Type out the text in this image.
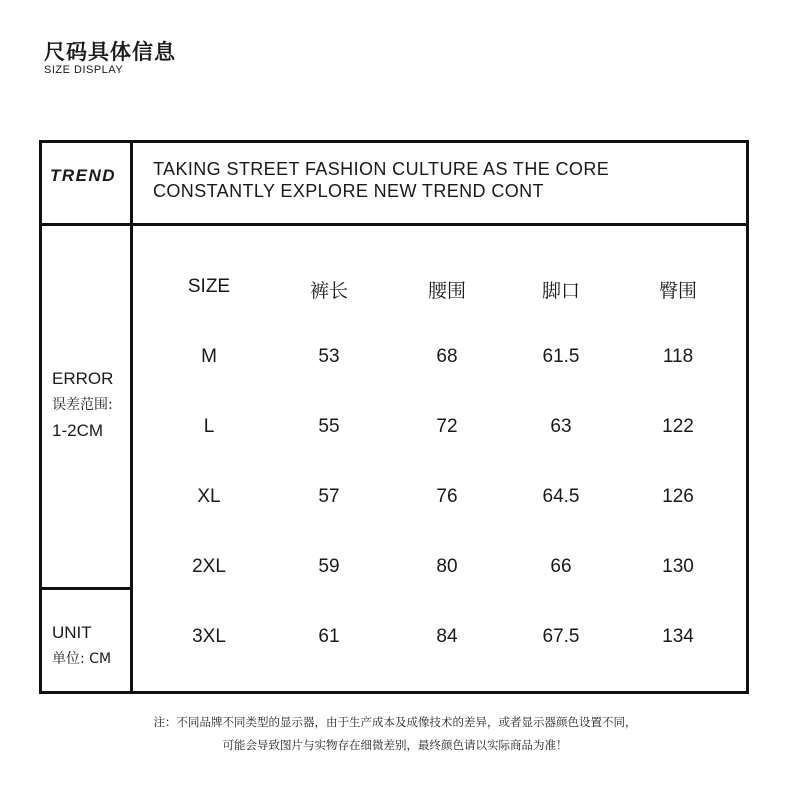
尺码具体信息
SIZE DISPLAY
TREND TAKING STREET FASHION CULTURE AS THE CORE
CONSTANTLY EXPLORE NEW TREND CONT
ERROR
误差范围:
1-2CM
UNIT
单位: CM
SIZE	裤长	腰围	脚口	臀围
M	53	68	61.5	118
L	55	72	63	122
XL	57	76	64.5	126
2XL	59	80	66	130
3XL	61	84	67.5	134
注：不同品牌不同类型的显示器，由于生产成本及成像技术的差异，或者显示器颜色设置不同，
可能会导致图片与实物存在细微差别，最终颜色请以实际商品为准！
